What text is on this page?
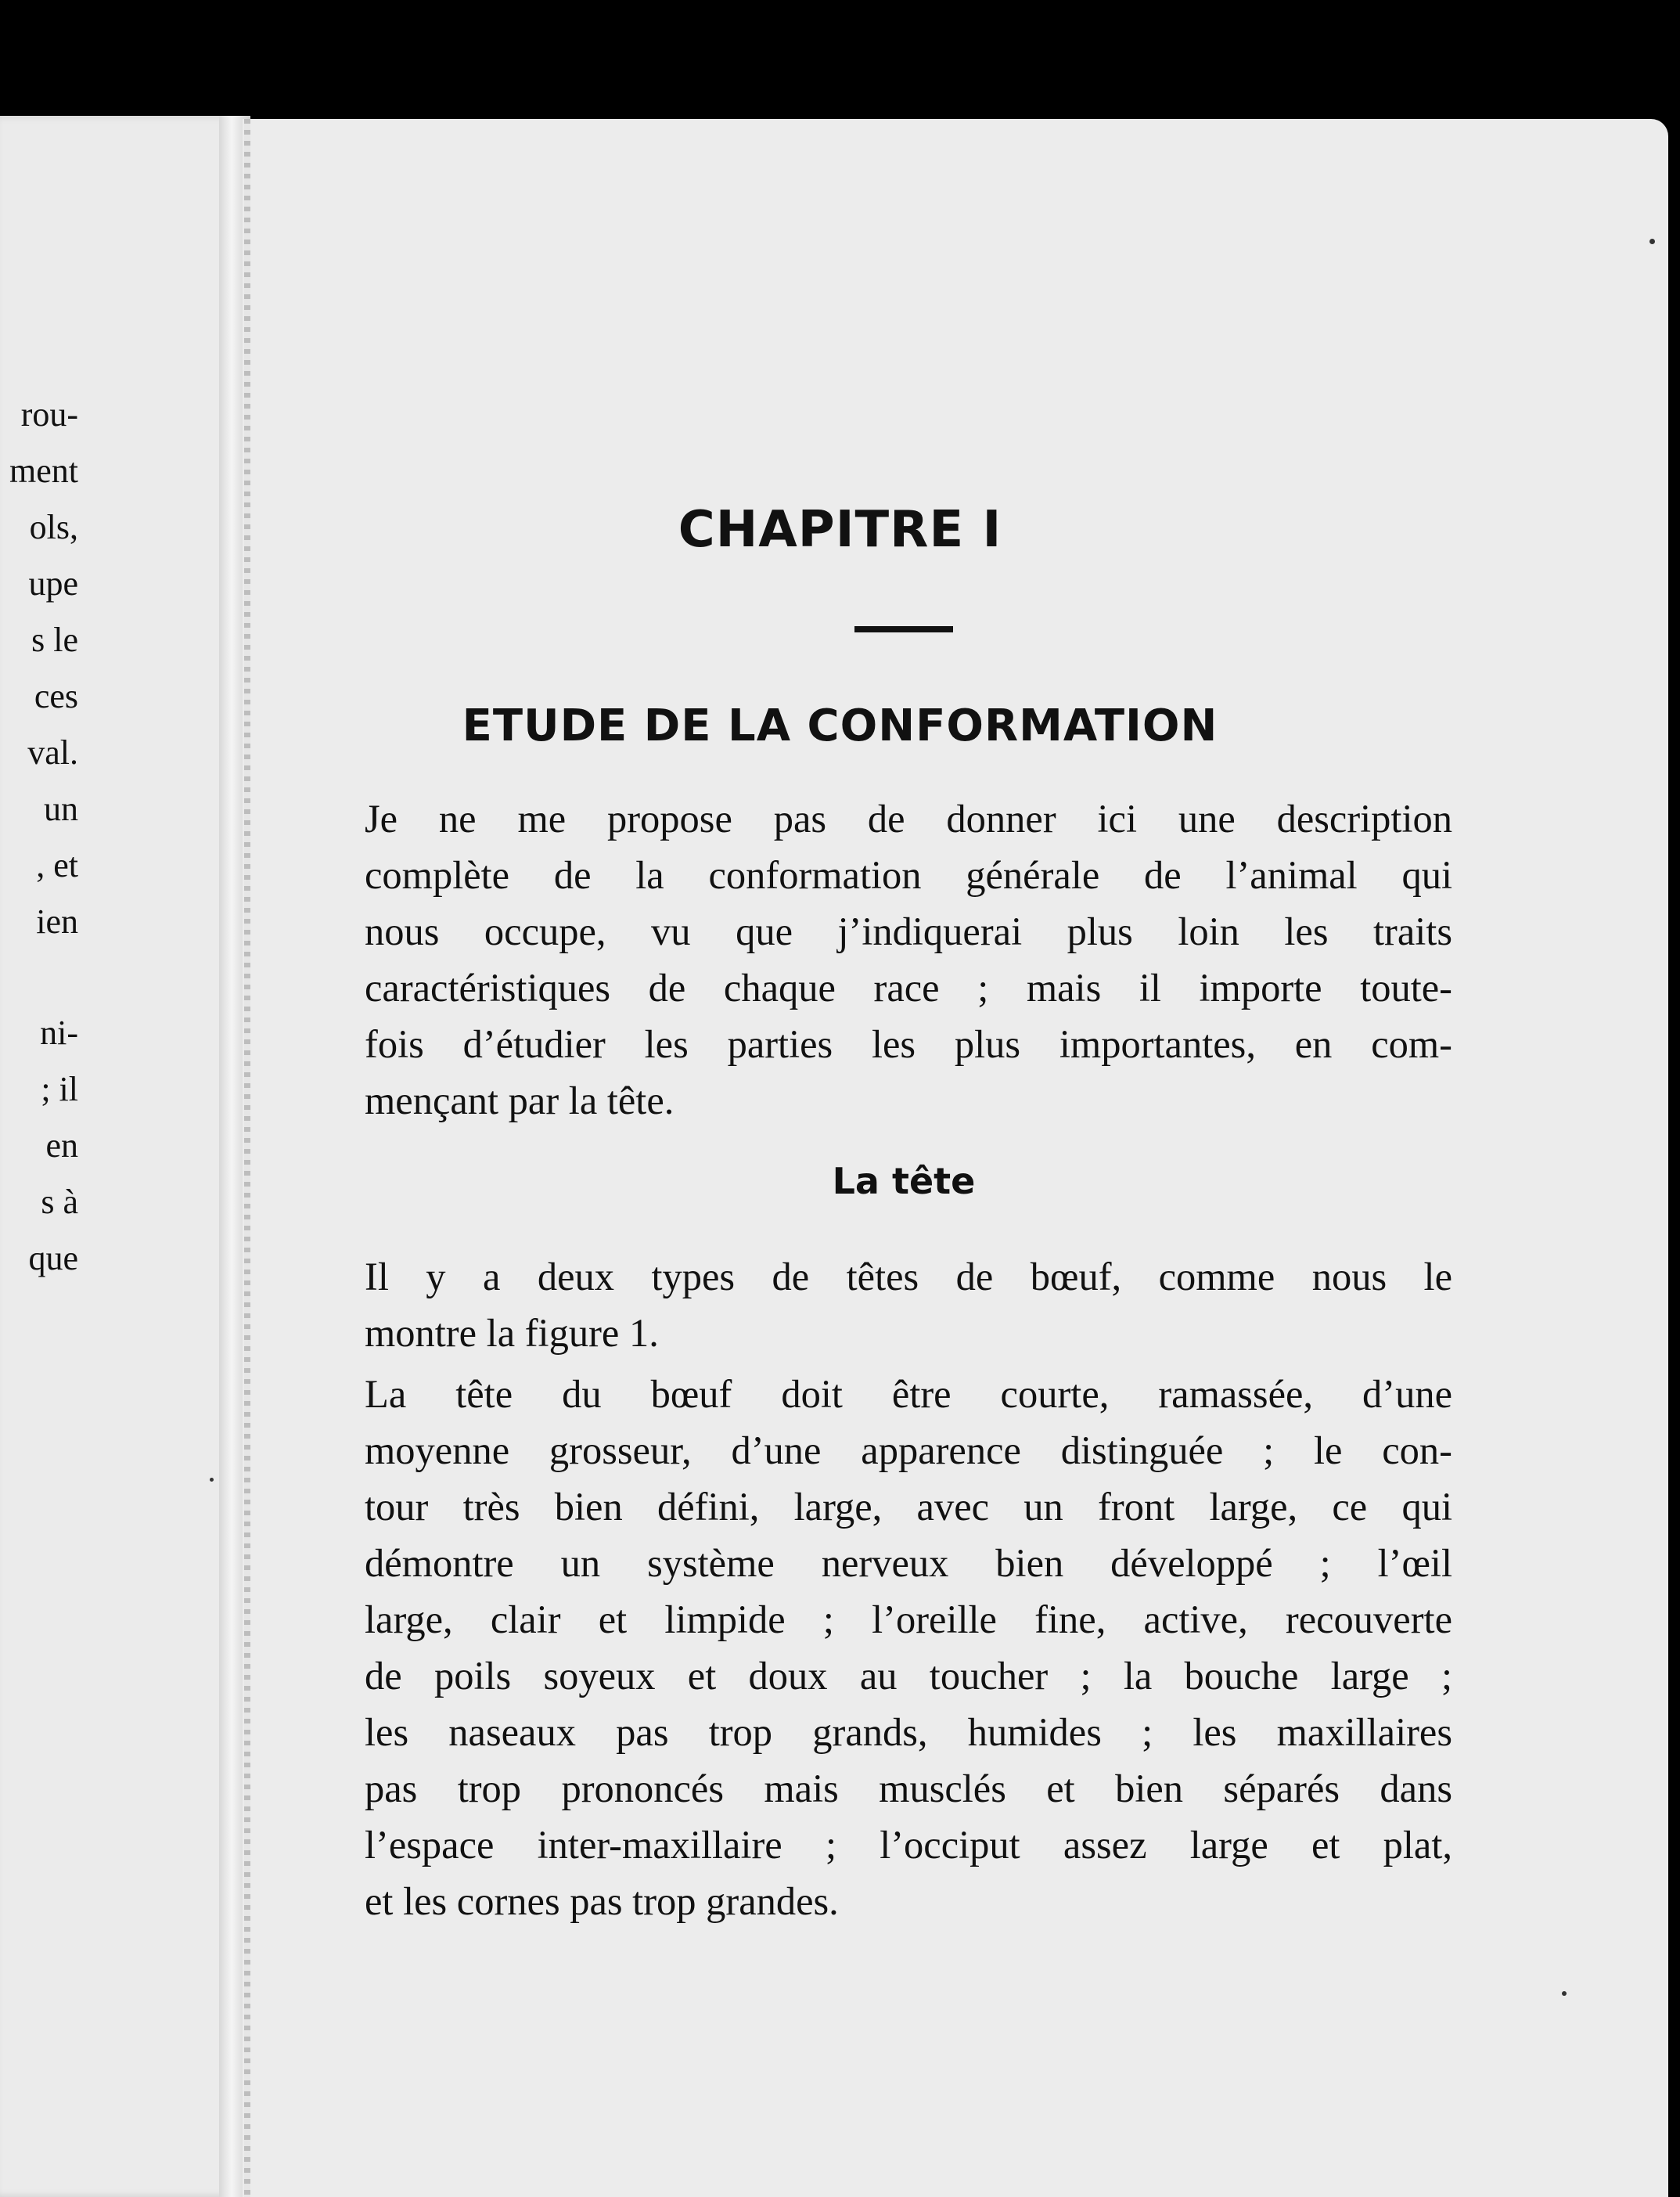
rou-
ment
ols,
upe
s le
ces
val.
un
, et
ien
ni-
; il
en
s à
que
CHAPITRE I
ETUDE DE LA CONFORMATION

Je ne me propose pas de donner ici une description
complète de la conformation générale de l’animal qui
nous occupe, vu que j’indiquerai plus loin les traits
caractéristiques de chaque race ; mais il importe toute-
fois d’étudier les parties les plus importantes, en com-
mençant par la tête.

La tête

Il y a deux types de têtes de bœuf, comme nous le
montre la figure 1.

La tête du bœuf doit être courte, ramassée, d’une
moyenne grosseur, d’une apparence distinguée ; le con-
tour très bien défini, large, avec un front large, ce qui
démontre un système nerveux bien développé ; l’œil
large, clair et limpide ; l’oreille fine, active, recouverte
de poils soyeux et doux au toucher ; la bouche large ;
les naseaux pas trop grands, humides ; les maxillaires
pas trop prononcés mais musclés et bien séparés dans
l’espace inter-maxillaire ; l’occiput assez large et plat,
et les cornes pas trop grandes.
